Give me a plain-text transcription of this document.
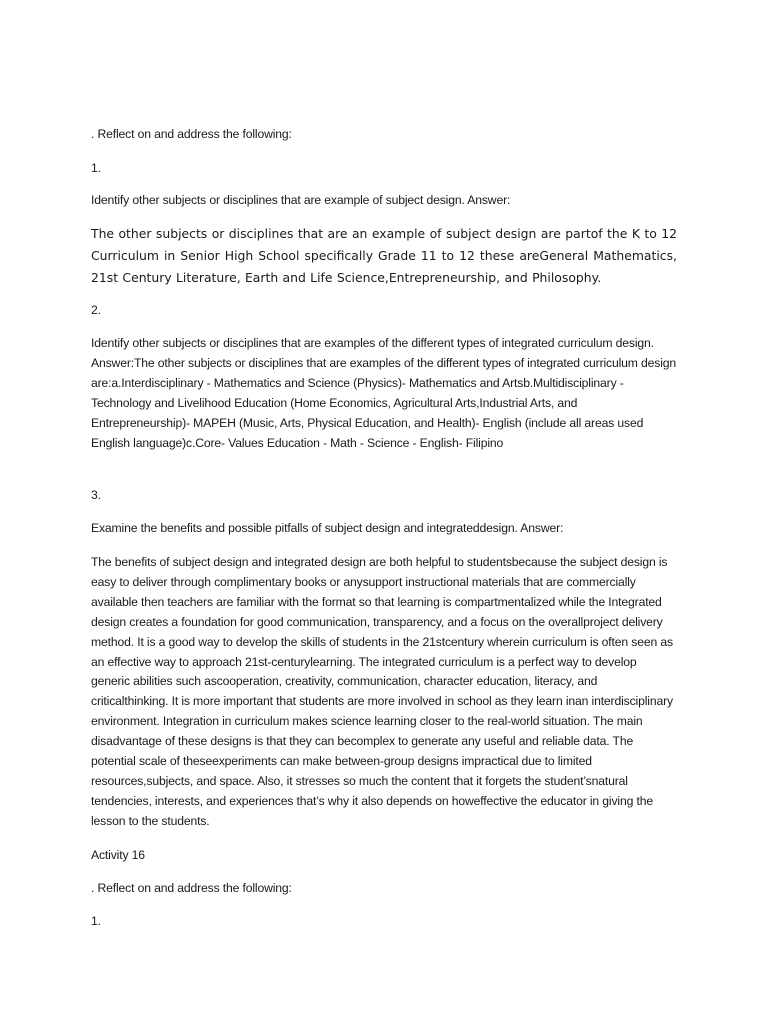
. Reflect on and address the following:

1.

Identify other subjects or disciplines that are example of subject design. Answer:

The other subjects or disciplines that are an example of subject design are partof the K to 12 Curriculum in Senior High School specifically Grade 11 to 12 these areGeneral Mathematics, 21st Century Literature, Earth and Life Science,Entrepreneurship, and Philosophy.

2.

Identify other subjects or disciplines that are examples of the different types of integrated curriculum design. Answer:The other subjects or disciplines that are examples of the different types of integrated curriculum design are:a.Interdisciplinary - Mathematics and Science (Physics)- Mathematics and Artsb.Multidisciplinary - Technology and Livelihood Education (Home Economics, Agricultural Arts,Industrial Arts, and Entrepreneurship)- MAPEH (Music, Arts, Physical Education, and Health)- English (include all areas used English language)c.Core- Values Education - Math - Science - English- Filipino

3.

Examine the benefits and possible pitfalls of subject design and integrateddesign. Answer:

The benefits of subject design and integrated design are both helpful to studentsbecause the subject design is easy to deliver through complimentary books or anysupport instructional materials that are commercially available then teachers are familiar with the format so that learning is compartmentalized while the Integrated design creates a foundation for good communication, transparency, and a focus on the overallproject delivery method. It is a good way to develop the skills of students in the 21stcentury wherein curriculum is often seen as an effective way to approach 21st-centurylearning. The integrated curriculum is a perfect way to develop generic abilities such ascooperation, creativity, communication, character education, literacy, and criticalthinking. It is more important that students are more involved in school as they learn inan interdisciplinary environment. Integration in curriculum makes science learning closer to the real-world situation. The main disadvantage of these designs is that they can becomplex to generate any useful and reliable data. The potential scale of theseexperiments can make between-group designs impractical due to limited resources,subjects, and space. Also, it stresses so much the content that it forgets the student’snatural tendencies, interests, and experiences that’s why it also depends on howeffective the educator in giving the lesson to the students.

Activity 16

. Reflect on and address the following:

1.
